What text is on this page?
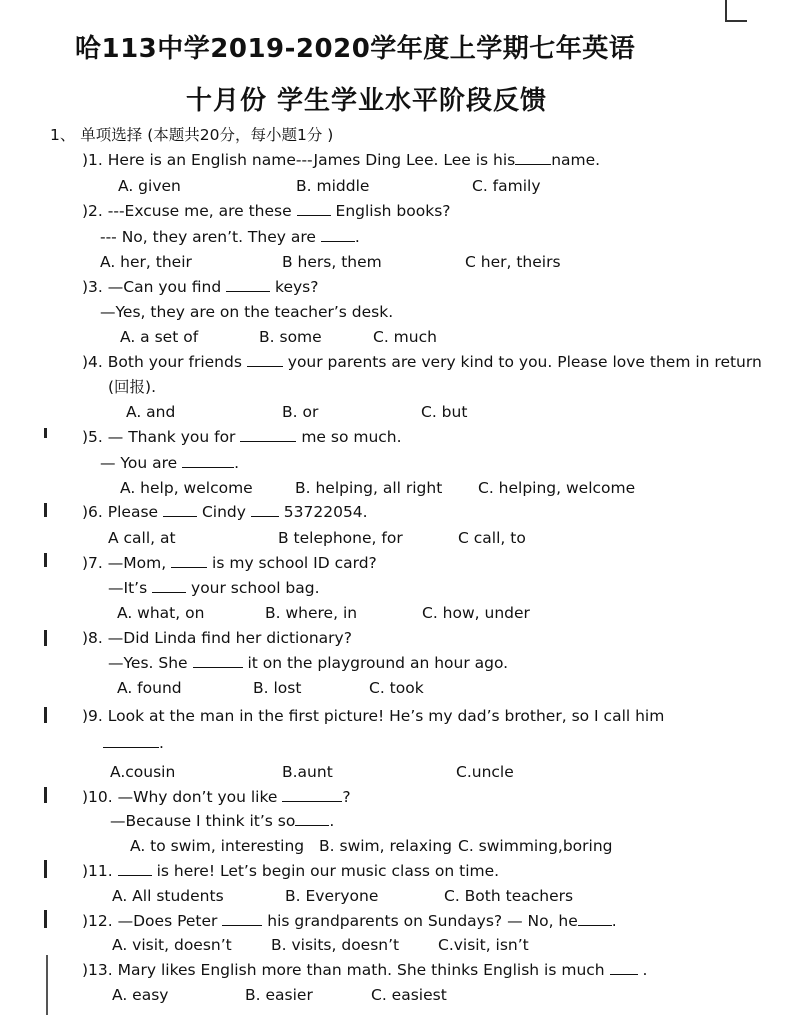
哈113中学2019-2020学年度上学期七年英语
十月份 学生学业水平阶段反馈
1、 单项选择 (本题共20分，每小题1分 )
)1. Here is an English name---James Ding Lee. Lee is his name.
A. given	B. middle	C. family
)2. ---Excuse me, are these	English books?
--- No, they aren’t. They are	.
A. her, their	B hers, them	C her, theirs
)3. —Can you find	keys?
—Yes, they are on the teacher’s desk.
A. a set of	B. some	C. much
)4. Both your friends	your parents are very kind to you. Please love them in return
(回报).
A. and	B. or	C. but
)5. — Thank you for	me so much.
— You are	.
A. help, welcome	B. helping, all right C. helping, welcome
)6. Please	Cindy 53722054.
A call, at	B telephone, for	C call, to
)7. —Mom,	is my school ID card?
—It’s	your school bag.
A. what, on	B. where, in	C. how, under
)8. —Did Linda find her dictionary?
—Yes. She	it on the playground an hour ago.
A. found	B. lost	C. took
)9. Look at the man in the first picture! He’s my dad’s brother, so I call him
.
A.cousin	B.aunt	C.uncle
)10. —Why don’t you like	?
—Because I think it’s so .
A. to swim, interesting B. swim, relaxing C. swimming,boring
)11.	is here! Let’s begin our music class on time.
A. All students	B. Everyone	C. Both teachers
)12. —Does Peter	his grandparents on Sundays? — No, he .
A. visit, doesn’t	B. visits, doesn’t	C.visit, isn’t
)13. Mary likes English more than math. She thinks English is much .
A. easy	B. easier	C. easiest
